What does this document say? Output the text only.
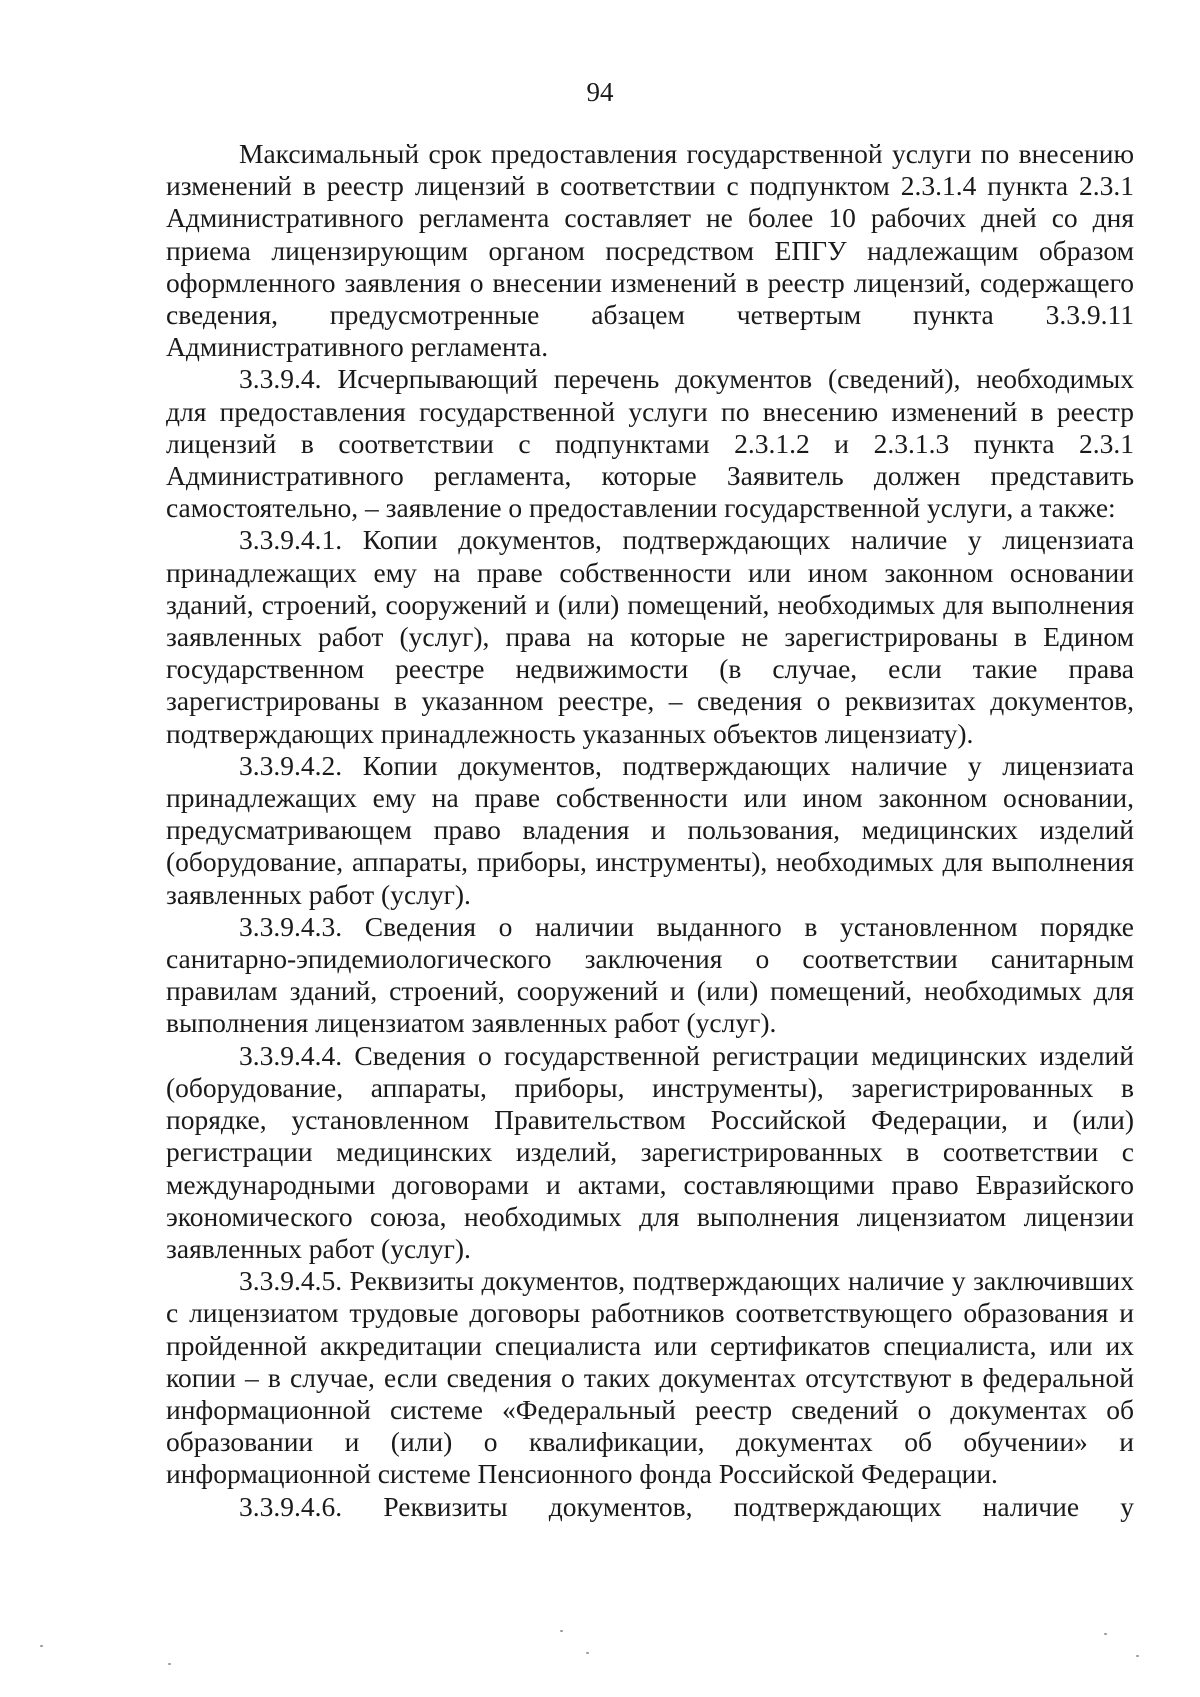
94

Максимальный срок предоставления государственной услуги по внесению изменений в реестр лицензий в соответствии с подпунктом 2.3.1.4 пункта 2.3.1 Административного регламента составляет не более 10 рабочих дней со дня приема лицензирующим органом посредством ЕПГУ надлежащим образом оформленного заявления о внесении изменений в реестр лицензий, содержащего сведения, предусмотренные абзацем четвертым пункта 3.3.9.11 Административного регламента.

3.3.9.4. Исчерпывающий перечень документов (сведений), необходимых для предоставления государственной услуги по внесению изменений в реестр лицензий в соответствии с подпунктами 2.3.1.2 и 2.3.1.3 пункта 2.3.1 Административного регламента, которые Заявитель должен представить самостоятельно, – заявление о предоставлении государственной услуги, а также:

3.3.9.4.1. Копии документов, подтверждающих наличие у лицензиата принадлежащих ему на праве собственности или ином законном основании зданий, строений, сооружений и (или) помещений, необходимых для выполнения заявленных работ (услуг), права на которые не зарегистрированы в Едином государственном реестре недвижимости (в случае, если такие права зарегистрированы в указанном реестре, – сведения о реквизитах документов, подтверждающих принадлежность указанных объектов лицензиату).

3.3.9.4.2. Копии документов, подтверждающих наличие у лицензиата принадлежащих ему на праве собственности или ином законном основании, предусматривающем право владения и пользования, медицинских изделий (оборудование, аппараты, приборы, инструменты), необходимых для выполнения заявленных работ (услуг).

3.3.9.4.3. Сведения о наличии выданного в установленном порядке санитарно-эпидемиологического заключения о соответствии санитарным правилам зданий, строений, сооружений и (или) помещений, необходимых для выполнения лицензиатом заявленных работ (услуг).

3.3.9.4.4. Сведения о государственной регистрации медицинских изделий (оборудование, аппараты, приборы, инструменты), зарегистрированных в порядке, установленном Правительством Российской Федерации, и (или) регистрации медицинских изделий, зарегистрированных в соответствии с международными договорами и актами, составляющими право Евразийского экономического союза, необходимых для выполнения лицензиатом лицензии заявленных работ (услуг).

3.3.9.4.5. Реквизиты документов, подтверждающих наличие у заключивших с лицензиатом трудовые договоры работников соответствующего образования и пройденной аккредитации специалиста или сертификатов специалиста, или их копии – в случае, если сведения о таких документах отсутствуют в федеральной информационной системе «Федеральный реестр сведений о документах об образовании и (или) о квалификации, документах об обучении» и информационной системе Пенсионного фонда Российской Федерации.

3.3.9.4.6. Реквизиты документов, подтверждающих наличие у
